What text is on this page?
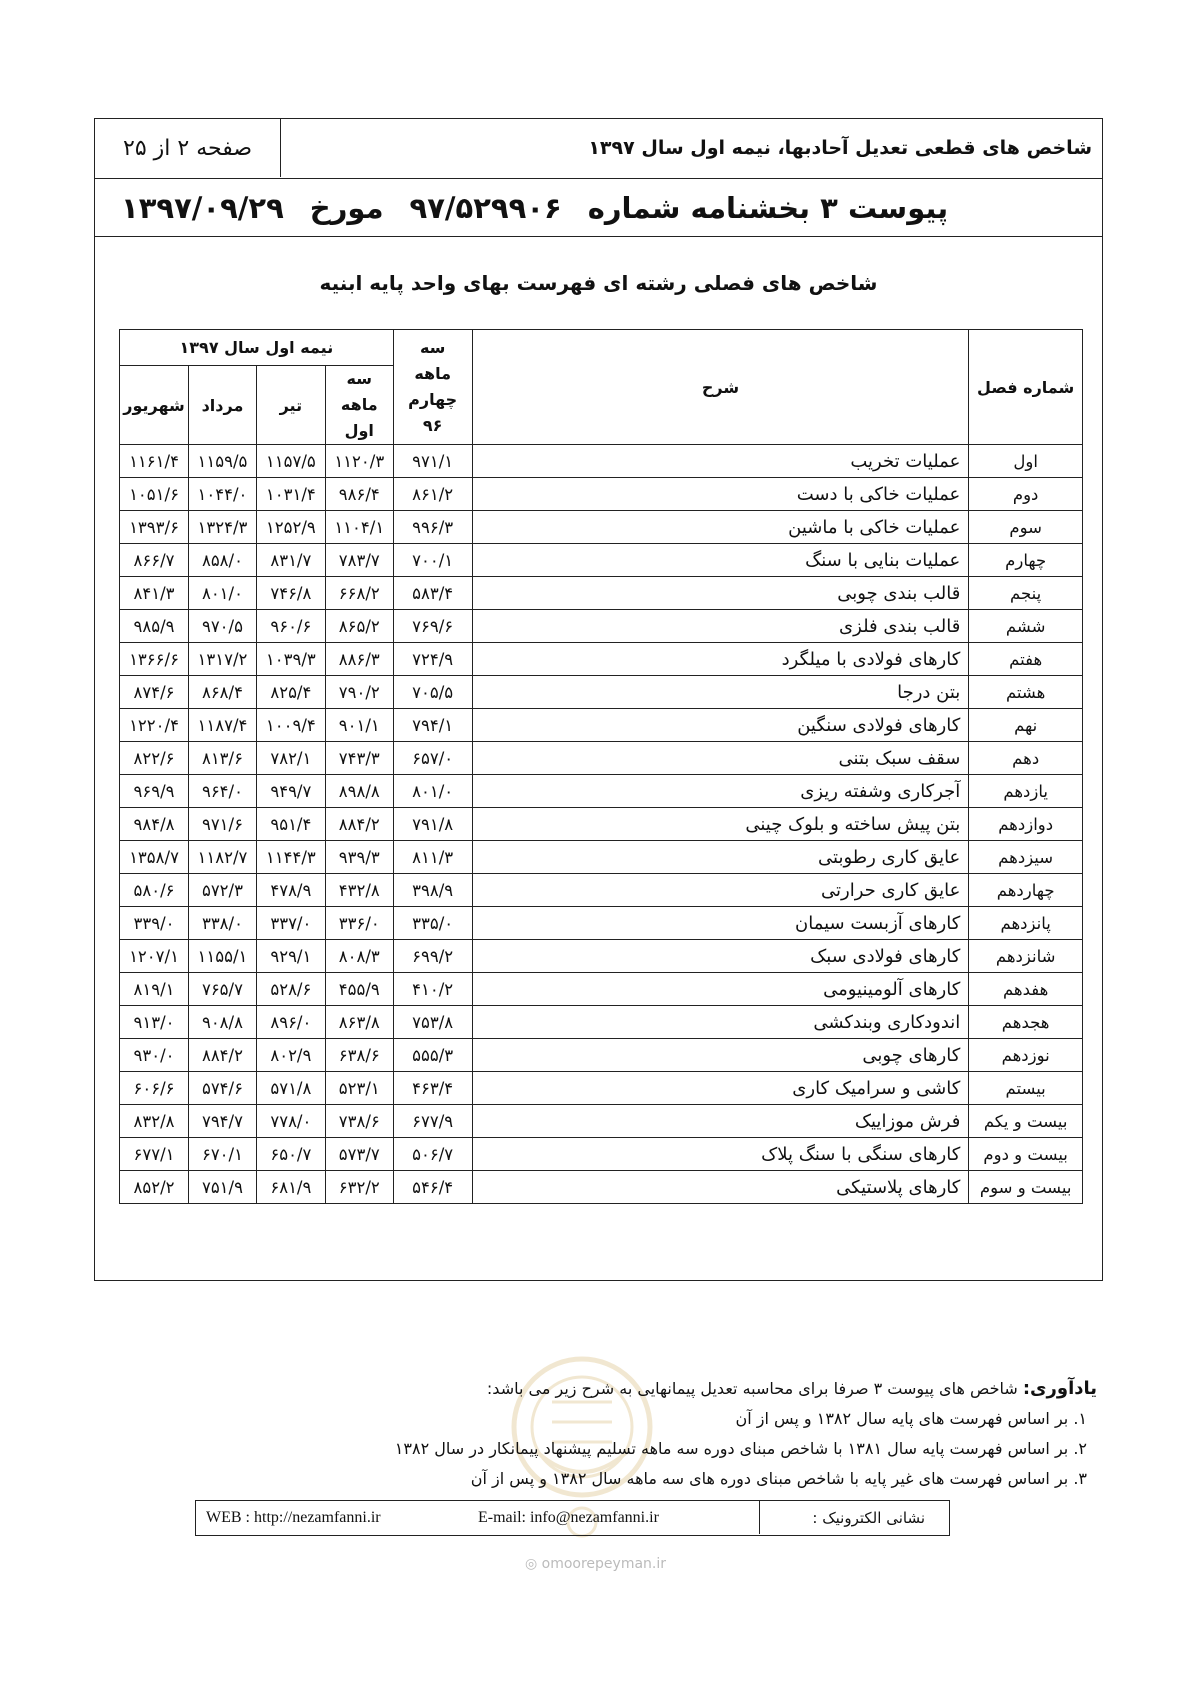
صفحه ۲ از ۲۵	شاخص های قطعی تعدیل آحادبها، نیمه اول سال ۱۳۹۷
پیوست ۳ بخشنامه شماره
۹۷/۵۲۹۹۰۶
مورخ
۱۳۹۷/۰۹/۲۹
شاخص های فصلی رشته ای فهرست بهای واحد پایه ابنیه
شماره فصل	شرح	سه ماهه چهارم ۹۶	نیمه اول سال ۱۳۹۷			
			سه ماهه اول	تیر	مرداد	شهریور
اول	عملیات تخریب	۹۷۱/۱	۱۱۲۰/۳	۱۱۵۷/۵	۱۱۵۹/۵	۱۱۶۱/۴
دوم	عملیات خاکی با دست	۸۶۱/۲	۹۸۶/۴	۱۰۳۱/۴	۱۰۴۴/۰	۱۰۵۱/۶
سوم	عملیات خاکی با ماشین	۹۹۶/۳	۱۱۰۴/۱	۱۲۵۲/۹	۱۳۲۴/۳	۱۳۹۳/۶
چهارم	عملیات بنایی با سنگ	۷۰۰/۱	۷۸۳/۷	۸۳۱/۷	۸۵۸/۰	۸۶۶/۷
پنجم	قالب بندی چوبی	۵۸۳/۴	۶۶۸/۲	۷۴۶/۸	۸۰۱/۰	۸۴۱/۳
ششم	قالب بندی فلزی	۷۶۹/۶	۸۶۵/۲	۹۶۰/۶	۹۷۰/۵	۹۸۵/۹
هفتم	کارهای فولادی با میلگرد	۷۲۴/۹	۸۸۶/۳	۱۰۳۹/۳	۱۳۱۷/۲	۱۳۶۶/۶
هشتم	بتن درجا	۷۰۵/۵	۷۹۰/۲	۸۲۵/۴	۸۶۸/۴	۸۷۴/۶
نهم	کارهای فولادی سنگین	۷۹۴/۱	۹۰۱/۱	۱۰۰۹/۴	۱۱۸۷/۴	۱۲۲۰/۴
دهم	سقف سبک بتنی	۶۵۷/۰	۷۴۳/۳	۷۸۲/۱	۸۱۳/۶	۸۲۲/۶
یازدهم	آجرکاری وشفته ریزی	۸۰۱/۰	۸۹۸/۸	۹۴۹/۷	۹۶۴/۰	۹۶۹/۹
دوازدهم	بتن پیش ساخته و بلوک چینی	۷۹۱/۸	۸۸۴/۲	۹۵۱/۴	۹۷۱/۶	۹۸۴/۸
سیزدهم	عایق کاری رطوبتی	۸۱۱/۳	۹۳۹/۳	۱۱۴۴/۳	۱۱۸۲/۷	۱۳۵۸/۷
چهاردهم	عایق کاری حرارتی	۳۹۸/۹	۴۳۲/۸	۴۷۸/۹	۵۷۲/۳	۵۸۰/۶
پانزدهم	کارهای آزبست سیمان	۳۳۵/۰	۳۳۶/۰	۳۳۷/۰	۳۳۸/۰	۳۳۹/۰
شانزدهم	کارهای فولادی سبک	۶۹۹/۲	۸۰۸/۳	۹۲۹/۱	۱۱۵۵/۱	۱۲۰۷/۱
هفدهم	کارهای آلومینیومی	۴۱۰/۲	۴۵۵/۹	۵۲۸/۶	۷۶۵/۷	۸۱۹/۱
هجدهم	اندودکاری وبندکشی	۷۵۳/۸	۸۶۳/۸	۸۹۶/۰	۹۰۸/۸	۹۱۳/۰
نوزدهم	کارهای چوبی	۵۵۵/۳	۶۳۸/۶	۸۰۲/۹	۸۸۴/۲	۹۳۰/۰
بیستم	کاشی و سرامیک کاری	۴۶۳/۴	۵۲۳/۱	۵۷۱/۸	۵۷۴/۶	۶۰۶/۶
بیست و یکم	فرش موزاییک	۶۷۷/۹	۷۳۸/۶	۷۷۸/۰	۷۹۴/۷	۸۳۲/۸
بیست و دوم	کارهای سنگی با سنگ پلاک	۵۰۶/۷	۵۷۳/۷	۶۵۰/۷	۶۷۰/۱	۶۷۷/۱
بیست و سوم	کارهای پلاستیکی	۵۴۶/۴	۶۳۲/۲	۶۸۱/۹	۷۵۱/۹	۸۵۲/۲
یادآوری: شاخص های پیوست ۳ صرفا برای محاسبه تعدیل پیمانهایی به شرح زیر می باشد:
۱. بر اساس فهرست های پایه سال ۱۳۸۲ و پس از آن
۲. بر اساس فهرست پایه سال ۱۳۸۱ با شاخص مبنای دوره سه ماهه تسلیم پیشنهاد پیمانکار در سال ۱۳۸۲
۳. بر اساس فهرست های غیر پایه با شاخص مبنای دوره های سه ماهه سال ۱۳۸۲ و پس از آن
نشانی الکترونیک :
E-mail: info@nezamfanni.ir
WEB : http://nezamfanni.ir
◎ omoorepeyman.ir
